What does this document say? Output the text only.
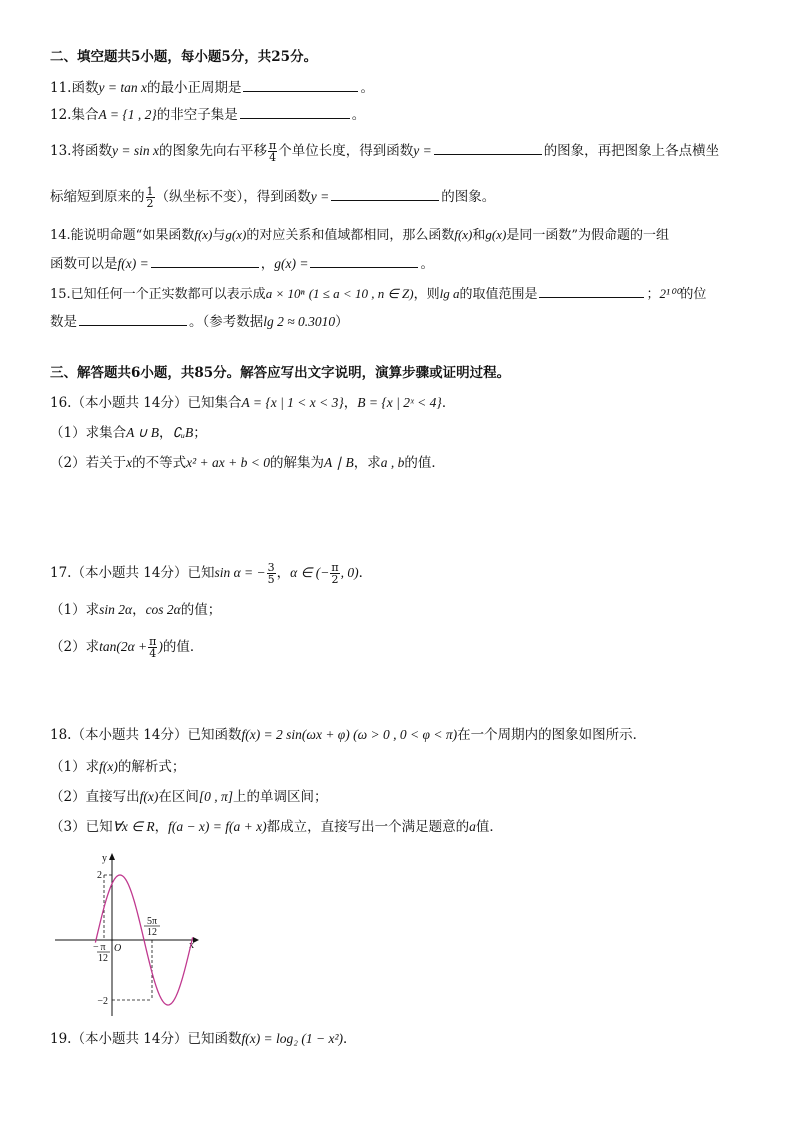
二、填空题共5小题，每小题5分，共25分。
11.函数y = tan x的最小正周期是	。
12.集合A = {1 , 2}的非空子集是	。
13.将函数y = sin x的图象先向右平移 $\frac{\pi}{4}$ 个单位长度，得到函数y =	的图象，再把图象上各点横坐
标缩短到原来的 $\frac{1}{2}$ （纵坐标不变），得到函数y =	的图象。
14.能说明命题“如果函数f(x)与g(x)的对应关系和值域都相同，那么函数f(x)和g(x)是同一函数”为假命题的一组
函数可以是f(x) =	，g(x) =	。
15.已知任何一个正实数都可以表示成a × 10ⁿ (1 ≤ a < 10 , n ∈ Z)，则lg a的取值范围是	；2¹⁰⁰的位
数是	。（参考数据lg 2 ≈ 0.3010）
三、解答题共6小题，共85分。解答应写出文字说明，演算步骤或证明过程。
16.（本小题共 14分）已知集合A = {x | 1 < x < 3}，B = {x | 2ˣ < 4}．
（1）求集合A ∪ B，∁ᵤB；
（2）若关于x的不等式x² + ax + b < 0的解集为A ∣ B，求a , b的值．
17.（本小题共 14分）已知sin α = − $\frac{3}{5}$ ，α ∈ (− $\frac{\pi}{2}$ , 0)．
（1）求sin 2α，cos 2α的值；
（2）求$\tan(2\alpha + \frac{\pi}{4}$ )的值．
18.（本小题共 14分）已知函数f(x) = 2 sin(ωx + φ) (ω > 0 , 0 < φ < π)在一个周期内的图象如图所示．
（1）求f(x)的解析式；
（2）直接写出f(x)在区间[0 , π]上的单调区间；
（3）已知∀x ∈ R，f(a − x) = f(a + x)都成立，直接写出一个满足题意的a值．
y
x
O
2
−2
− π
12
5π
12
19.（本小题共 14分）已知函数f(x) = log₂ (1 − x²)．
